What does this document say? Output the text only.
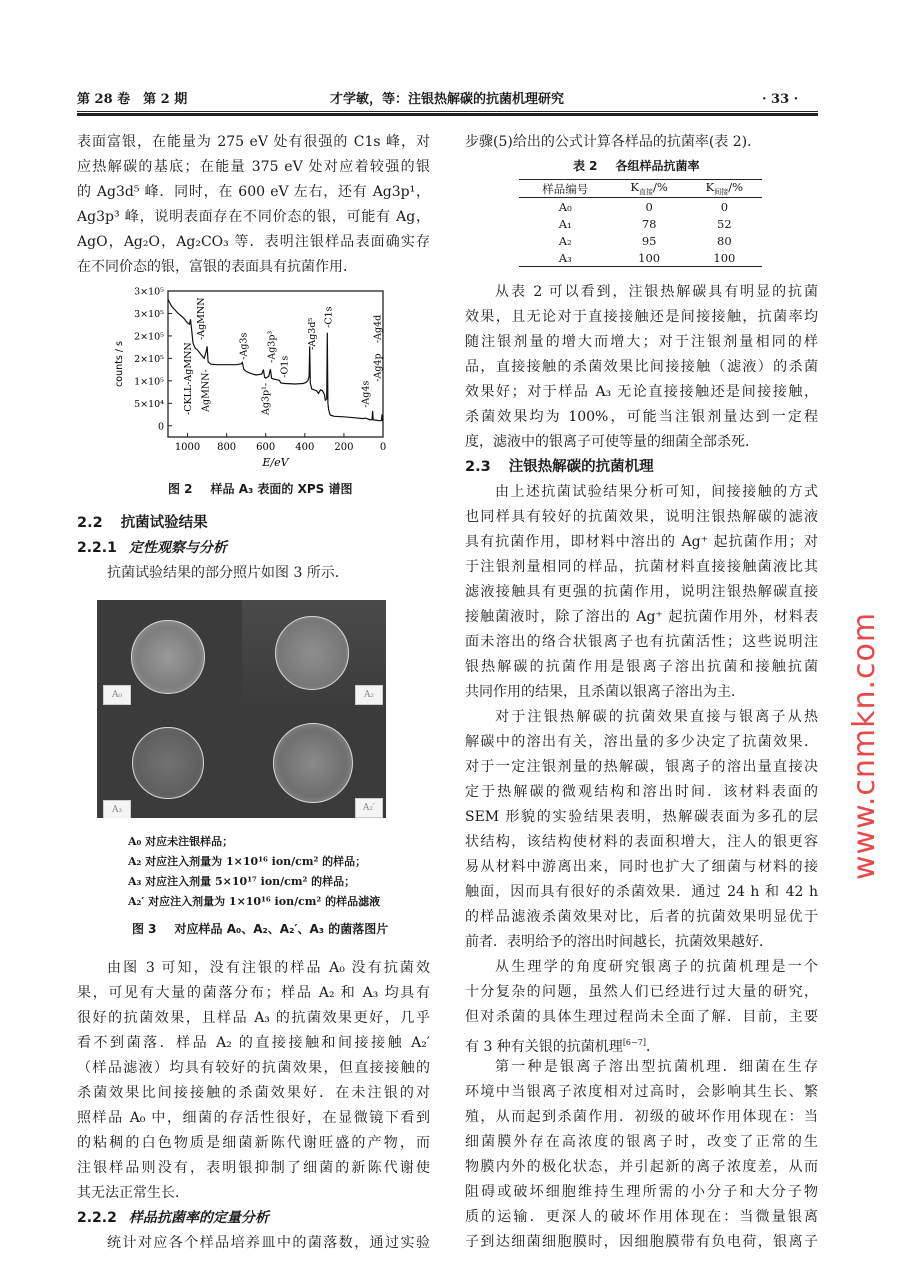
第 28 卷　第 2 期	才学敏，等：注银热解碳的抗菌机理研究	· 33 ·
表面富银，在能量为 275 eV 处有很强的 C1s 峰，对
应热解碳的基底；在能量 375 eV 处对应着较强的银
的 Ag3d⁵ 峰．同时，在 600 eV 左右，还有 Ag3p¹，
Ag3p³ 峰，说明表面存在不同价态的银，可能有 Ag，
AgO，Ag₂O，Ag₂CO₃ 等．表明注银样品表面确实存
在不同价态的银，富银的表面具有抗菌作用．
0
5×10⁴
1×10⁵
2×10⁵
2×10⁵
3×10⁵
3×10⁵
1000 800 600 400 200	0
E/eV
counts / s	-CKLL-AgMNN AgMNN-
-AgMNN
-Ag3s
Ag3p¹-
-Ag3p³
-O1s
-Ag3d⁵
-C1s
-Ag4s
-Ag4p
-Ag4d
图 2 样品 A₃ 表面的 XPS 谱图
2.2 抗菌试验结果
2.2.1 定性观察与分析
抗菌试验结果的部分照片如图 3 所示．
A₀	A₂
A₃	A₂′
A₀ 对应未注银样品；
A₂ 对应注入剂量为 1×10¹⁶ ion/cm² 的样品；
A₃ 对应注入剂量 5×10¹⁷ ion/cm² 的样品；
A₂′ 对应注入剂量为 1×10¹⁶ ion/cm² 的样品滤液
图 3 对应样品 A₀、A₂、A₂′、A₃ 的菌落图片
由图 3 可知，没有注银的样品 A₀ 没有抗菌效
果，可见有大量的菌落分布；样品 A₂ 和 A₃ 均具有
很好的抗菌效果，且样品 A₃ 的抗菌效果更好，几乎
看不到菌落．样品 A₂ 的直接接触和间接接触 A₂′
（样品滤液）均具有较好的抗菌效果，但直接接触的
杀菌效果比间接接触的杀菌效果好．在未注银的对
照样品 A₀ 中，细菌的存活性很好，在显微镜下看到
的粘稠的白色物质是细菌新陈代谢旺盛的产物，而
注银样品则没有，表明银抑制了细菌的新陈代谢使
其无法正常生长．
2.2.2 样品抗菌率的定量分析
统计对应各个样品培养皿中的菌落数，通过实验
步骤(5)给出的公式计算各样品的抗菌率(表 2)．
表 2 各组样品抗菌率
样品编号	$K_{直接}/\%$	$K_{间接}/\%$
A₀	0	0
A₁	78	52
A₂	95	80
A₃	100	100
从表 2 可以看到，注银热解碳具有明显的抗菌
效果，且无论对于直接接触还是间接接触，抗菌率均
随注银剂量的增大而增大；对于注银剂量相同的样
品，直接接触的杀菌效果比间接接触（滤液）的杀菌
效果好；对于样品 A₃ 无论直接接触还是间接接触，
杀菌效果均为 100%，可能当注银剂量达到一定程
度，滤液中的银离子可使等量的细菌全部杀死．
2.3 注银热解碳的抗菌机理
由上述抗菌试验结果分析可知，间接接触的方式
也同样具有较好的抗菌效果，说明注银热解碳的滤液
具有抗菌作用，即材料中溶出的 Ag⁺ 起抗菌作用；对
于注银剂量相同的样品，抗菌材料直接接触菌液比其
滤液接触具有更强的抗菌作用，说明注银热解碳直接
接触菌液时，除了溶出的 Ag⁺ 起抗菌作用外，材料表
面未溶出的络合状银离子也有抗菌活性；这些说明注
银热解碳的抗菌作用是银离子溶出抗菌和接触抗菌
共同作用的结果，且杀菌以银离子溶出为主．
对于注银热解碳的抗菌效果直接与银离子从热
解碳中的溶出有关，溶出量的多少决定了抗菌效果．
对于一定注银剂量的热解碳，银离子的溶出量直接决
定于热解碳的微观结构和溶出时间．该材料表面的
SEM 形貌的实验结果表明，热解碳表面为多孔的层
状结构，该结构使材料的表面积增大，注人的银更容
易从材料中游离出来，同时也扩大了细菌与材料的接
触面，因而具有很好的杀菌效果．通过 24 h 和 42 h
的样品滤液杀菌效果对比，后者的抗菌效果明显优于
前者．表明给予的溶出时间越长，抗菌效果越好．
从生理学的角度研究银离子的抗菌机理是一个
十分复杂的问题，虽然人们已经进行过大量的研究，
但对杀菌的具体生理过程尚未全面了解．目前，主要
有 3 种有关银的抗菌机理[6−7]．
第一种是银离子溶出型抗菌机理．细菌在生存
环境中当银离子浓度相对过高时，会影响其生长、繁
殖，从而起到杀菌作用．初级的破坏作用体现在：当
细菌膜外存在高浓度的银离子时，改变了正常的生
物膜内外的极化状态，并引起新的离子浓度差，从而
阻碍或破坏细胞维持生理所需的小分子和大分子物
质的运输．更深人的破坏作用体现在：当微量银离
子到达细菌细胞膜时，因细胞膜带有负电荷，银离子
www.cnmkn.com
